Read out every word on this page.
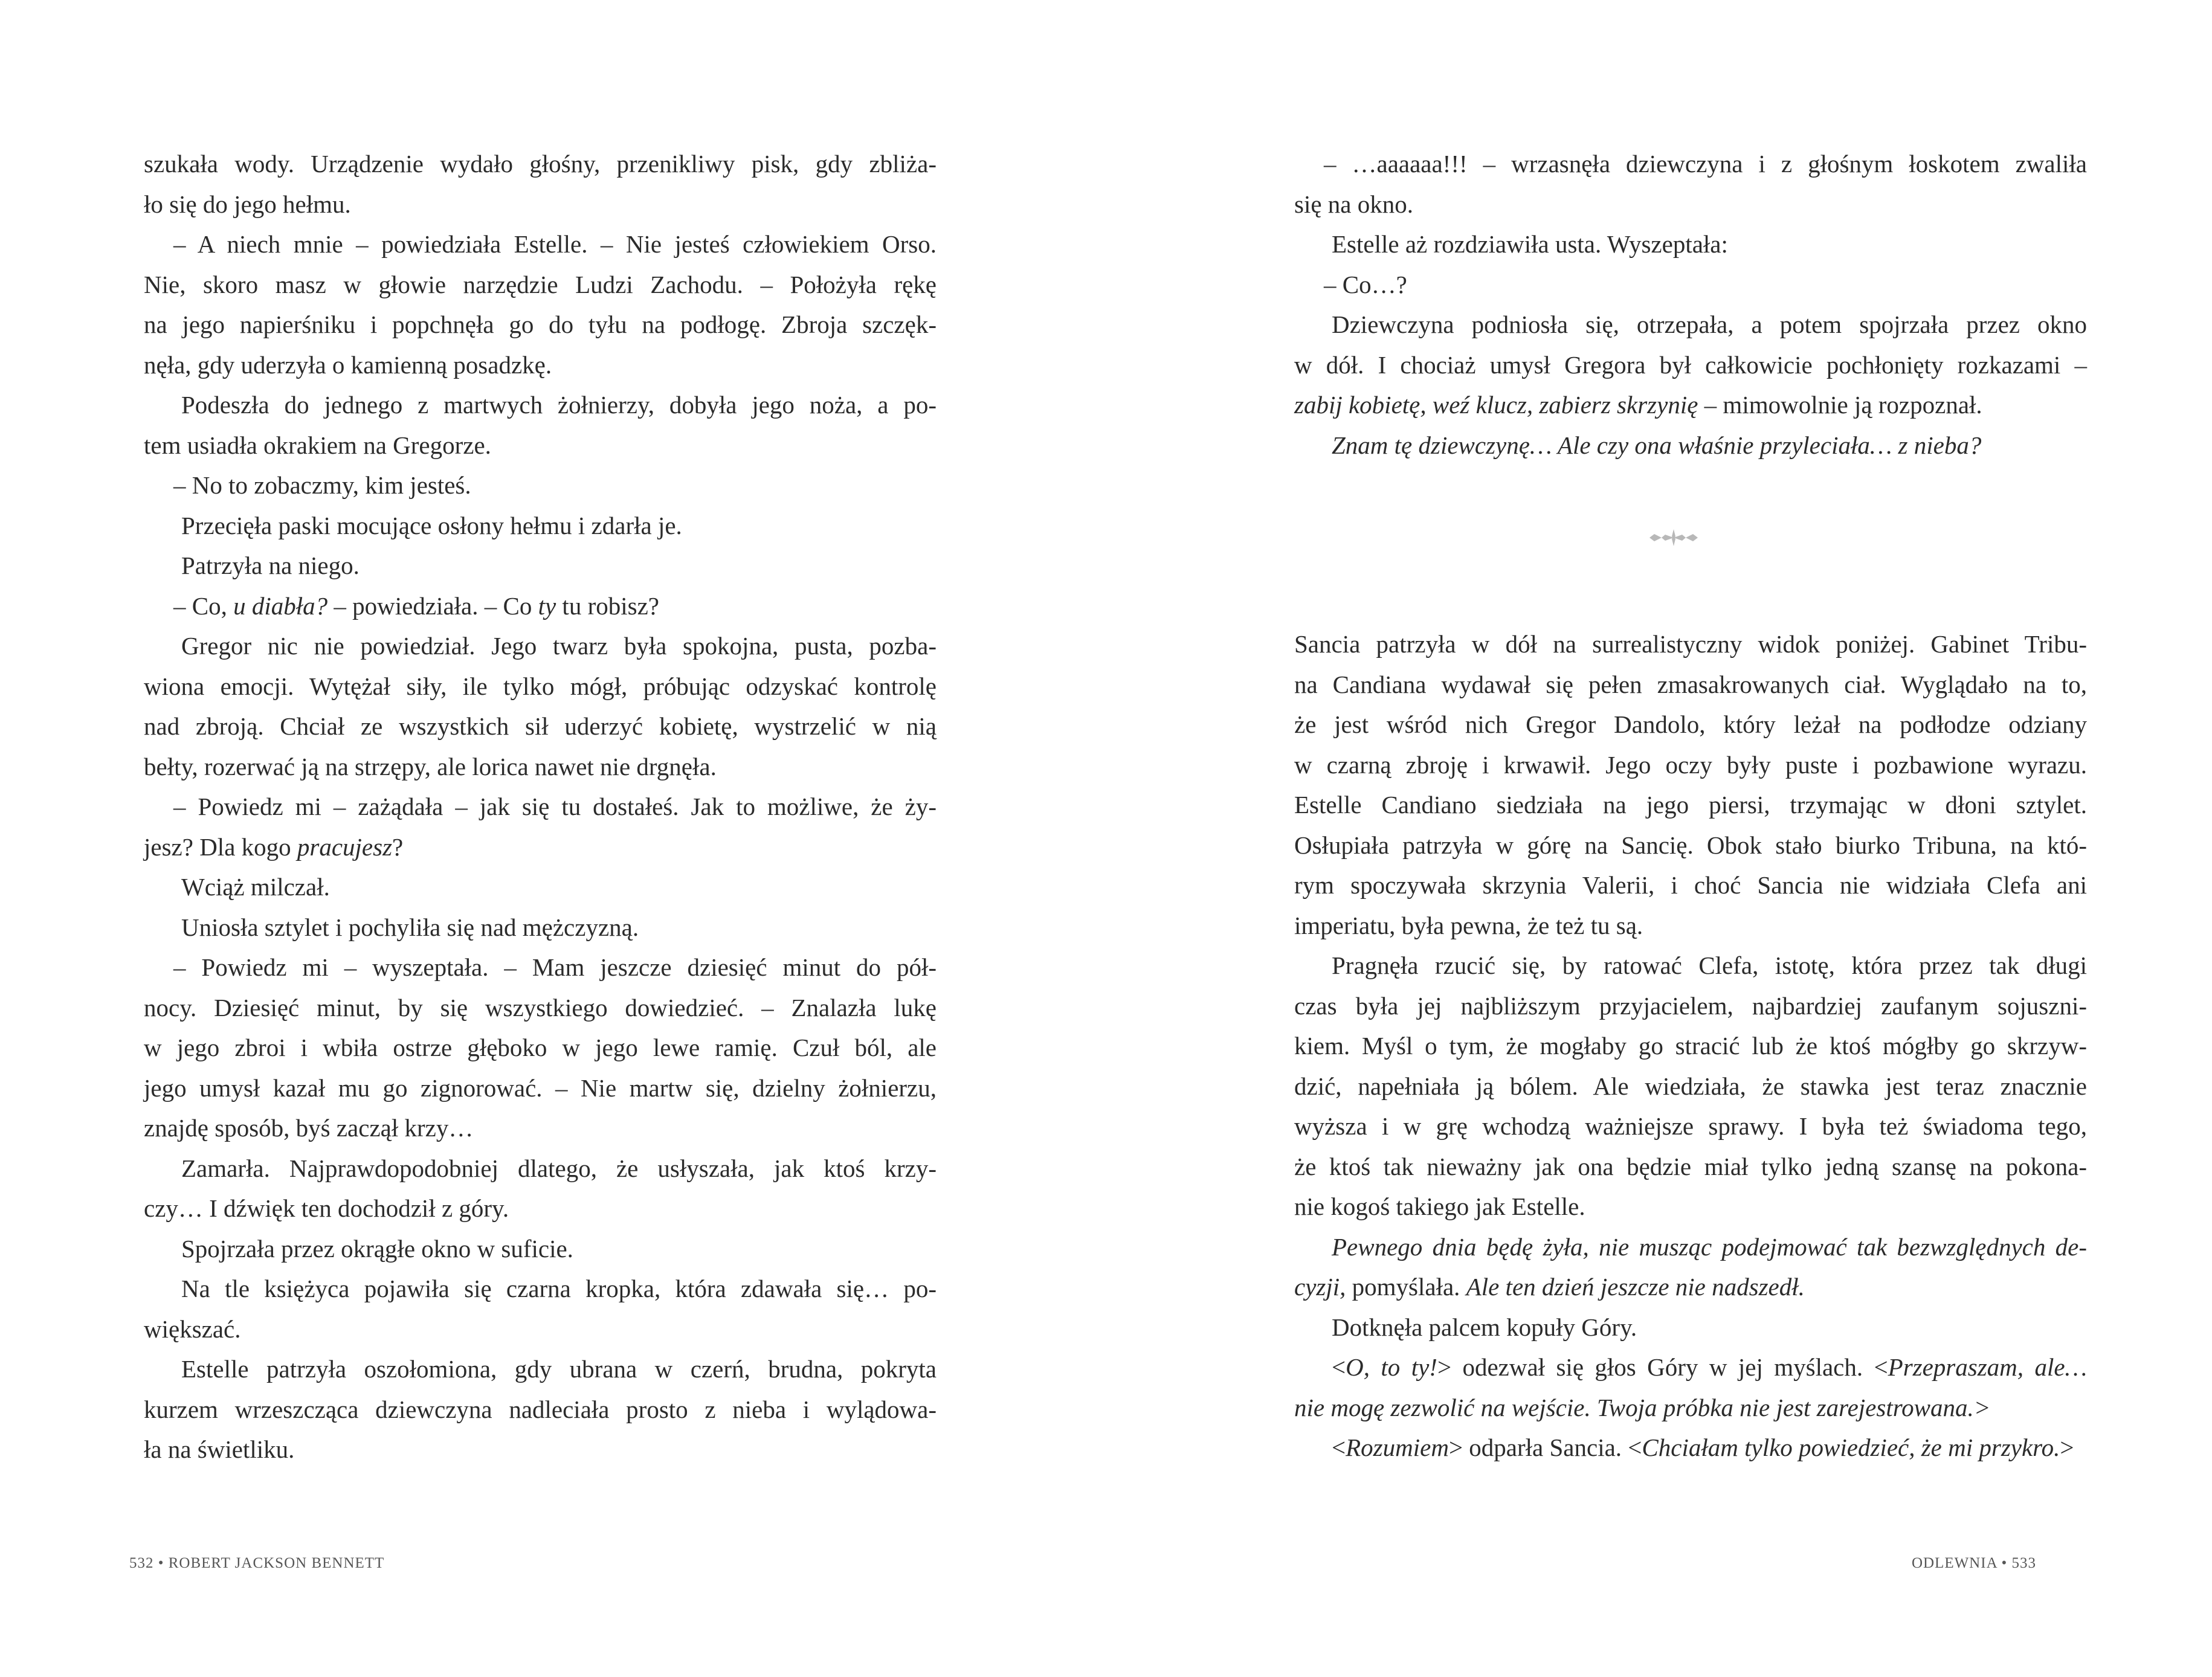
szukała wody. Urządzenie wydało głośny, przenikliwy pisk, gdy zbliża-
ło się do jego hełmu.
– A niech mnie – powiedziała Estelle. – Nie jesteś człowiekiem Orso.
Nie, skoro masz w głowie narzędzie Ludzi Zachodu. – Położyła rękę
na jego napierśniku i popchnęła go do tyłu na podłogę. Zbroja szczęk-
nęła, gdy uderzyła o kamienną posadzkę.
Podeszła do jednego z martwych żołnierzy, dobyła jego noża, a po-
tem usiadła okrakiem na Gregorze.
– No to zobaczmy, kim jesteś.
Przecięła paski mocujące osłony hełmu i zdarła je.
Patrzyła na niego.
– Co, u diabła? – powiedziała. – Co ty tu robisz?
Gregor nic nie powiedział. Jego twarz była spokojna, pusta, pozba-
wiona emocji. Wytężał siły, ile tylko mógł, próbując odzyskać kontrolę
nad zbroją. Chciał ze wszystkich sił uderzyć kobietę, wystrzelić w nią
bełty, rozerwać ją na strzępy, ale lorica nawet nie drgnęła.
– Powiedz mi – zażądała – jak się tu dostałeś. Jak to możliwe, że ży-
jesz? Dla kogo pracujesz?
Wciąż milczał.
Uniosła sztylet i pochyliła się nad mężczyzną.
– Powiedz mi – wyszeptała. – Mam jeszcze dziesięć minut do pół-
nocy. Dziesięć minut, by się wszystkiego dowiedzieć. – Znalazła lukę
w jego zbroi i wbiła ostrze głęboko w jego lewe ramię. Czuł ból, ale
jego umysł kazał mu go zignorować. – Nie martw się, dzielny żołnierzu,
znajdę sposób, byś zaczął krzy…
Zamarła. Najprawdopodobniej dlatego, że usłyszała, jak ktoś krzy-
czy… I dźwięk ten dochodził z góry.
Spojrzała przez okrągłe okno w suficie.
Na tle księżyca pojawiła się czarna kropka, która zdawała się… po-
większać.
Estelle patrzyła oszołomiona, gdy ubrana w czerń, brudna, pokryta
kurzem wrzeszcząca dziewczyna nadleciała prosto z nieba i wylądowa-
ła na świetliku.
532 • ROBERT JACKSON BENNETT
– …aaaaaa!!! – wrzasnęła dziewczyna i z głośnym łoskotem zwaliła
się na okno.
Estelle aż rozdziawiła usta. Wyszeptała:
– Co…?
Dziewczyna podniosła się, otrzepała, a potem spojrzała przez okno
w dół. I chociaż umysł Gregora był całkowicie pochłonięty rozkazami –
zabij kobietę, weź klucz, zabierz skrzynię – mimowolnie ją rozpoznał.
Znam tę dziewczynę… Ale czy ona właśnie przyleciała… z nieba?
Sancia patrzyła w dół na surrealistyczny widok poniżej. Gabinet Tribu-
na Candiana wydawał się pełen zmasakrowanych ciał. Wyglądało na to,
że jest wśród nich Gregor Dandolo, który leżał na podłodze odziany
w czarną zbroję i krwawił. Jego oczy były puste i pozbawione wyrazu.
Estelle Candiano siedziała na jego piersi, trzymając w dłoni sztylet.
Osłupiała patrzyła w górę na Sancię. Obok stało biurko Tribuna, na któ-
rym spoczywała skrzynia Valerii, i choć Sancia nie widziała Clefa ani
imperiatu, była pewna, że też tu są.
Pragnęła rzucić się, by ratować Clefa, istotę, która przez tak długi
czas była jej najbliższym przyjacielem, najbardziej zaufanym sojuszni-
kiem. Myśl o tym, że mogłaby go stracić lub że ktoś mógłby go skrzyw-
dzić, napełniała ją bólem. Ale wiedziała, że stawka jest teraz znacznie
wyższa i w grę wchodzą ważniejsze sprawy. I była też świadoma tego,
że ktoś tak nieważny jak ona będzie miał tylko jedną szansę na pokona-
nie kogoś takiego jak Estelle.
Pewnego dnia będę żyła, nie musząc podejmować tak bezwzględnych de-
cyzji, pomyślała. Ale ten dzień jeszcze nie nadszedł.
Dotknęła palcem kopuły Góry.
<O, to ty!> odezwał się głos Góry w jej myślach. <Przepraszam, ale…
nie mogę zezwolić na wejście. Twoja próbka nie jest zarejestrowana.>
<Rozumiem> odparła Sancia. <Chciałam tylko powiedzieć, że mi przykro.>
ODLEWNIA • 533
